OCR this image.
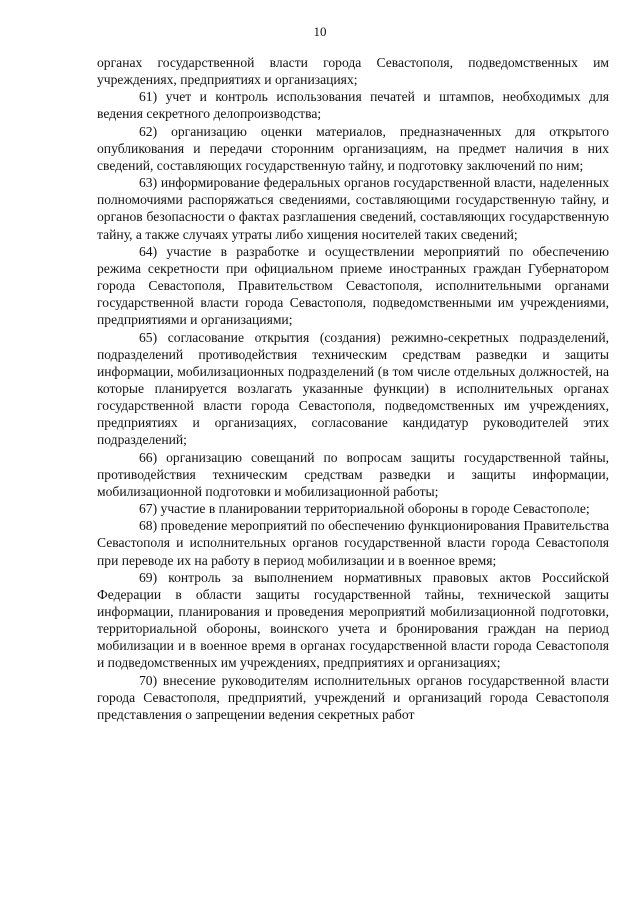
10

органах государственной власти города Севастополя, подведомственных им учреждениях, предприятиях и организациях;

61) учет и контроль использования печатей и штампов, необходимых для ведения секретного делопроизводства;

62) организацию оценки материалов, предназначенных для открытого опубликования и передачи сторонним организациям, на предмет наличия в них сведений, составляющих государственную тайну, и подготовку заключений по ним;

63) информирование федеральных органов государственной власти, наделенных полномочиями распоряжаться сведениями, составляющими государственную тайну, и органов безопасности о фактах разглашения сведений, составляющих государственную тайну, а также случаях утраты либо хищения носителей таких сведений;

64) участие в разработке и осуществлении мероприятий по обеспечению режима секретности при официальном приеме иностранных граждан Губернатором города Севастополя, Правительством Севастополя, исполнительными органами государственной власти города Севастополя, подведомственными им учреждениями, предприятиями и организациями;

65) согласование открытия (создания) режимно-секретных подразделений, подразделений противодействия техническим средствам разведки и защиты информации, мобилизационных подразделений (в том числе отдельных должностей, на которые планируется возлагать указанные функции) в исполнительных органах государственной власти города Севастополя, подведомственных им учреждениях, предприятиях и организациях, согласование кандидатур руководителей этих подразделений;

66) организацию совещаний по вопросам защиты государственной тайны, противодействия техническим средствам разведки и защиты информации, мобилизационной подготовки и мобилизационной работы;

67) участие в планировании территориальной обороны в городе Севастополе;

68) проведение мероприятий по обеспечению функционирования Правительства Севастополя и исполнительных органов государственной власти города Севастополя при переводе их на работу в период мобилизации и в военное время;

69) контроль за выполнением нормативных правовых актов Российской Федерации в области защиты государственной тайны, технической защиты информации, планирования и проведения мероприятий мобилизационной подготовки, территориальной обороны, воинского учета и бронирования граждан на период мобилизации и в военное время в органах государственной власти города Севастополя и подведомственных им учреждениях, предприятиях и организациях;

70) внесение руководителям исполнительных органов государственной власти города Севастополя, предприятий, учреждений и организаций города Севастополя представления о запрещении ведения секретных работ
